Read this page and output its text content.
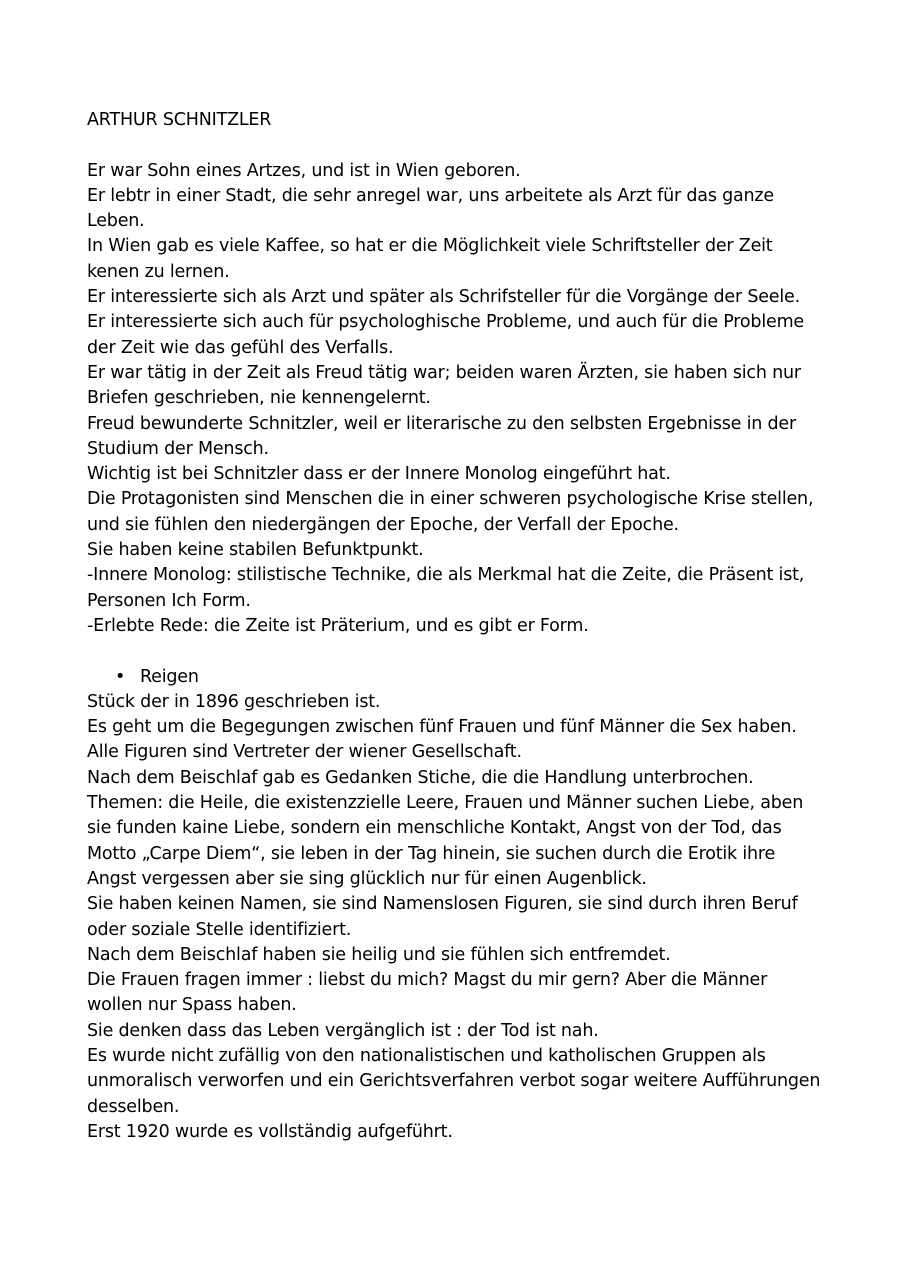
ARTHUR SCHNITZLER

Er war Sohn eines Artzes, und ist in Wien geboren.

Er lebtr in einer Stadt, die sehr anregel war, uns arbeitete als Arzt für das ganze Leben.

In Wien gab es viele Kaffee, so hat er die Möglichkeit viele Schriftsteller der Zeit kenen zu lernen.

Er interessierte sich als Arzt und später als Schrifsteller für die Vorgänge der Seele.

Er interessierte sich auch für psychologhische Probleme, und auch für die Probleme der Zeit wie das gefühl des Verfalls.

Er war tätig in der Zeit als Freud tätig war; beiden waren Ärzten, sie haben sich nur Briefen geschrieben, nie kennengelernt.

Freud bewunderte Schnitzler, weil er literarische zu den selbsten Ergebnisse in der Studium der Mensch.

Wichtig ist bei Schnitzler dass er der Innere Monolog eingeführt hat.

Die Protagonisten sind Menschen die in einer schweren psychologische Krise stellen, und sie fühlen den niedergängen der Epoche, der Verfall der Epoche.

Sie haben keine stabilen Befunktpunkt.

-Innere Monolog: stilistische Technike, die als Merkmal hat die Zeite, die Präsent ist, Personen Ich Form.

-Erlebte Rede: die Zeite ist Präterium, und es gibt er Form.

• Reigen

Stück der in 1896 geschrieben ist.

Es geht um die Begegungen zwischen fünf Frauen und fünf Männer die Sex haben.

Alle Figuren sind Vertreter der wiener Gesellschaft.

Nach dem Beischlaf gab es Gedanken Stiche, die die Handlung unterbrochen.

Themen: die Heile, die existenzzielle Leere, Frauen und Männer suchen Liebe, aben sie funden kaine Liebe, sondern ein menschliche Kontakt, Angst von der Tod, das Motto „Carpe Diem“, sie leben in der Tag hinein, sie suchen durch die Erotik ihre Angst vergessen aber sie sing glücklich nur für einen Augenblick.

Sie haben keinen Namen, sie sind Namenslosen Figuren, sie sind durch ihren Beruf oder soziale Stelle identifiziert.

Nach dem Beischlaf haben sie heilig und sie fühlen sich entfremdet.

Die Frauen fragen immer : liebst du mich? Magst du mir gern? Aber die Männer wollen nur Spass haben.

Sie denken dass das Leben vergänglich ist : der Tod ist nah.

Es wurde nicht zufällig von den nationalistischen und katholischen Gruppen als unmoralisch verworfen und ein Gerichtsverfahren verbot sogar weitere Aufführungen desselben.

Erst 1920 wurde es vollständig aufgeführt.
